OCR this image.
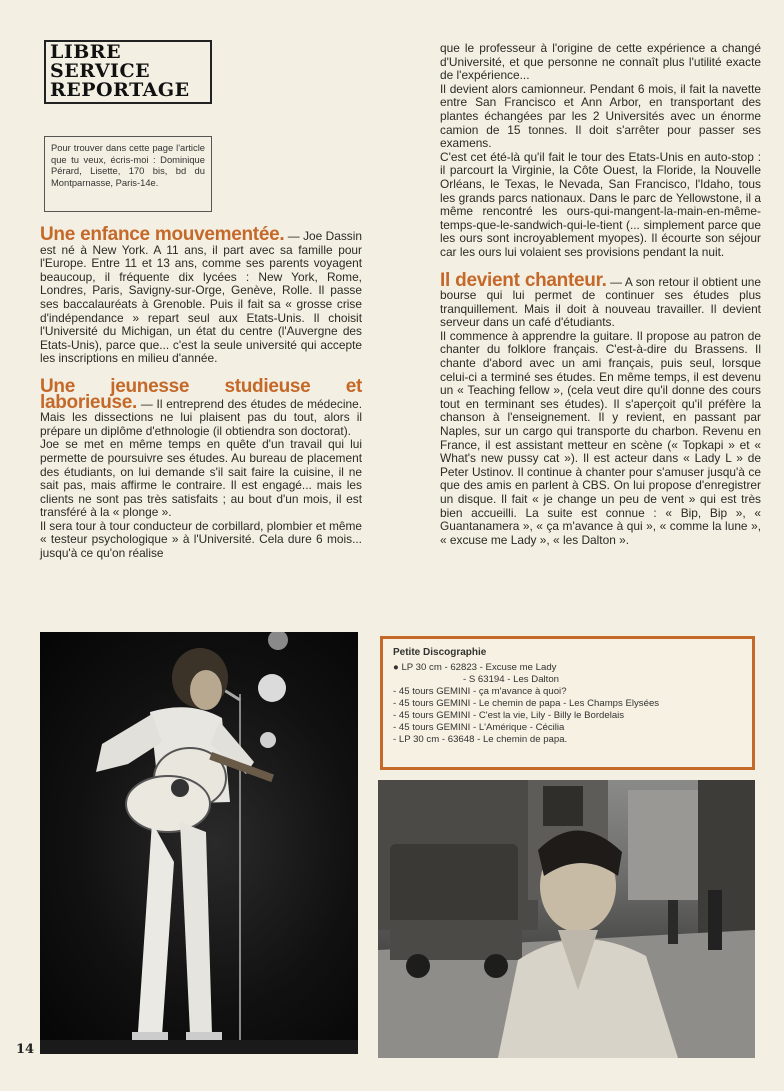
LIBRE
SERVICE
REPORTAGE
Pour trouver dans cette page l'article que tu veux, écris-moi : Dominique Pérard, Lisette, 170 bis, bd du Montparnasse, Paris-14e.

Une enfance mouvementée. — Joe Dassin est né à New York. A 11 ans, il part avec sa famille pour l'Europe. Entre 11 et 13 ans, comme ses parents voyagent beaucoup, il fréquente dix lycées : New York, Rome, Londres, Paris, Savigny-sur-Orge, Genève, Rolle. Il passe ses baccalauréats à Grenoble. Puis il fait sa « grosse crise d'indépendance » repart seul aux Etats-Unis. Il choisit l'Université du Michigan, un état du centre (l'Auvergne des Etats-Unis), parce que... c'est la seule université qui accepte les inscriptions en milieu d'année.

Une jeunesse studieuse et laborieuse. — Il entreprend des études de médecine. Mais les dissections ne lui plaisent pas du tout, alors il prépare un diplôme d'ethnologie (il obtiendra son doctorat).

Joe se met en même temps en quête d'un travail qui lui permette de poursuivre ses études. Au bureau de placement des étudiants, on lui demande s'il sait faire la cuisine, il ne sait pas, mais affirme le contraire. Il est engagé... mais les clients ne sont pas très satisfaits ; au bout d'un mois, il est transféré à la « plonge ».

Il sera tour à tour conducteur de corbillard, plombier et même « testeur psychologique » à l'Université. Cela dure 6 mois... jusqu'à ce qu'on réalise

que le professeur à l'origine de cette expérience a changé d'Université, et que personne ne connaît plus l'utilité exacte de l'expérience...

Il devient alors camionneur. Pendant 6 mois, il fait la navette entre San Francisco et Ann Arbor, en transportant des plantes échangées par les 2 Universités avec un énorme camion de 15 tonnes. Il doit s'arrêter pour passer ses examens.

C'est cet été-là qu'il fait le tour des Etats-Unis en auto-stop : il parcourt la Virginie, la Côte Ouest, la Floride, la Nouvelle Orléans, le Texas, le Nevada, San Francisco, l'Idaho, tous les grands parcs nationaux. Dans le parc de Yellowstone, il a même rencontré les ours-qui-mangent-la-main-en-même-temps-que-le-sandwich-qui-le-tient (... simplement parce que les ours sont incroyablement myopes). Il écourte son séjour car les ours lui volaient ses provisions pendant la nuit.

Il devient chanteur. — A son retour il obtient une bourse qui lui permet de continuer ses études plus tranquillement. Mais il doit à nouveau travailler. Il devient serveur dans un café d'étudiants.

Il commence à apprendre la guitare. Il propose au patron de chanter du folklore français. C'est-à-dire du Brassens. Il chante d'abord avec un ami français, puis seul, lorsque celui-ci a terminé ses études. En même temps, il est devenu un « Teaching fellow », (cela veut dire qu'il donne des cours tout en terminant ses études). Il s'aperçoit qu'il préfère la chanson à l'enseignement. Il y revient, en passant par Naples, sur un cargo qui transporte du charbon. Revenu en France, il est assistant metteur en scène (« Topkapi » et « What's new pussy cat »). Il est acteur dans « Lady L » de Peter Ustinov. Il continue à chanter pour s'amuser jusqu'à ce que des amis en parlent à CBS. On lui propose d'enregistrer un disque. Il fait « je change un peu de vent » qui est très bien accueilli. La suite est connue : « Bip, Bip », « Guantanamera », « ça m'avance à qui », « comme la lune », « excuse me Lady », « les Dalton ».

Petite Discographie
● LP 30 cm - 62823 - Excuse me Lady
- S 63194 - Les Dalton
- 45 tours GEMINI - ça m'avance à quoi?
- 45 tours GEMINI - Le chemin de papa - Les Champs Elysées
- 45 tours GEMINI - C'est la vie, Lily - Billy le Bordelais
- 45 tours GEMINI - L'Amérique - Cécilia
- LP 30 cm - 63648 - Le chemin de papa.
14
